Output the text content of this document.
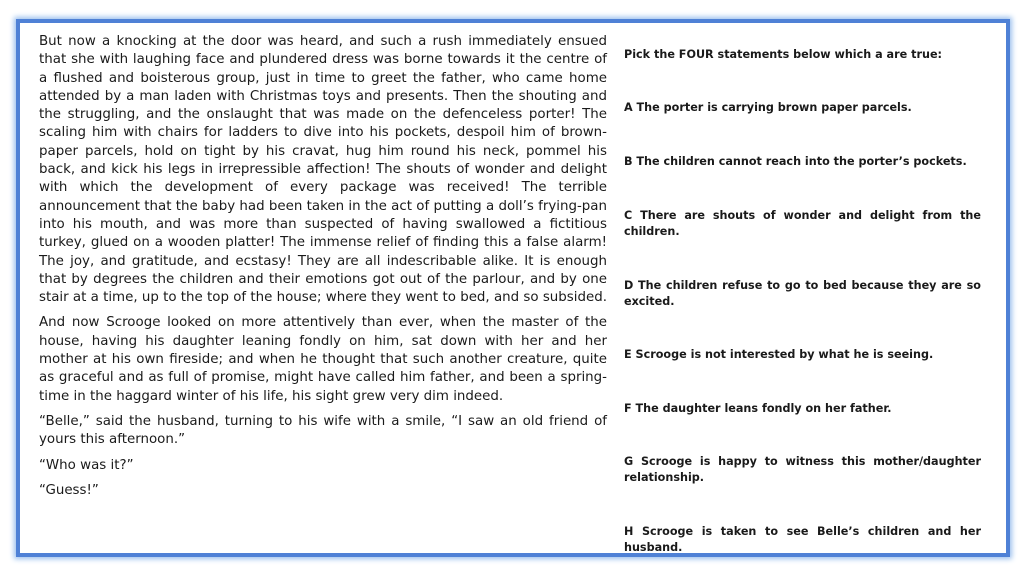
But now a knocking at the door was heard, and such a rush immediately ensued that she with laughing face and plundered dress was borne towards it the centre of a flushed and boisterous group, just in time to greet the father, who came home attended by a man laden with Christmas toys and presents. Then the shouting and the struggling, and the onslaught that was made on the defenceless porter! The scaling him with chairs for ladders to dive into his pockets, despoil him of brown-paper parcels, hold on tight by his cravat, hug him round his neck, pommel his back, and kick his legs in irrepressible affection! The shouts of wonder and delight with which the development of every package was received! The terrible announcement that the baby had been taken in the act of putting a doll’s frying-pan into his mouth, and was more than suspected of having swallowed a fictitious turkey, glued on a wooden platter! The immense relief of finding this a false alarm! The joy, and gratitude, and ecstasy! They are all indescribable alike. It is enough that by degrees the children and their emotions got out of the parlour, and by one stair at a time, up to the top of the house; where they went to bed, and so subsided.

And now Scrooge looked on more attentively than ever, when the master of the house, having his daughter leaning fondly on him, sat down with her and her mother at his own fireside; and when he thought that such another creature, quite as graceful and as full of promise, might have called him father, and been a spring-time in the haggard winter of his life, his sight grew very dim indeed.

“Belle,” said the husband, turning to his wife with a smile, “I saw an old friend of yours this afternoon.”

“Who was it?”

“Guess!”

Pick the FOUR statements below which a are true:

A The porter is carrying brown paper parcels.

B The children cannot reach into the porter’s pockets.

C There are shouts of wonder and delight from the children.

D The children refuse to go to bed because they are so excited.

E Scrooge is not interested by what he is seeing.

F The daughter leans fondly on her father.

G Scrooge is happy to witness this mother/daughter relationship.

H Scrooge is taken to see Belle’s children and her husband.
